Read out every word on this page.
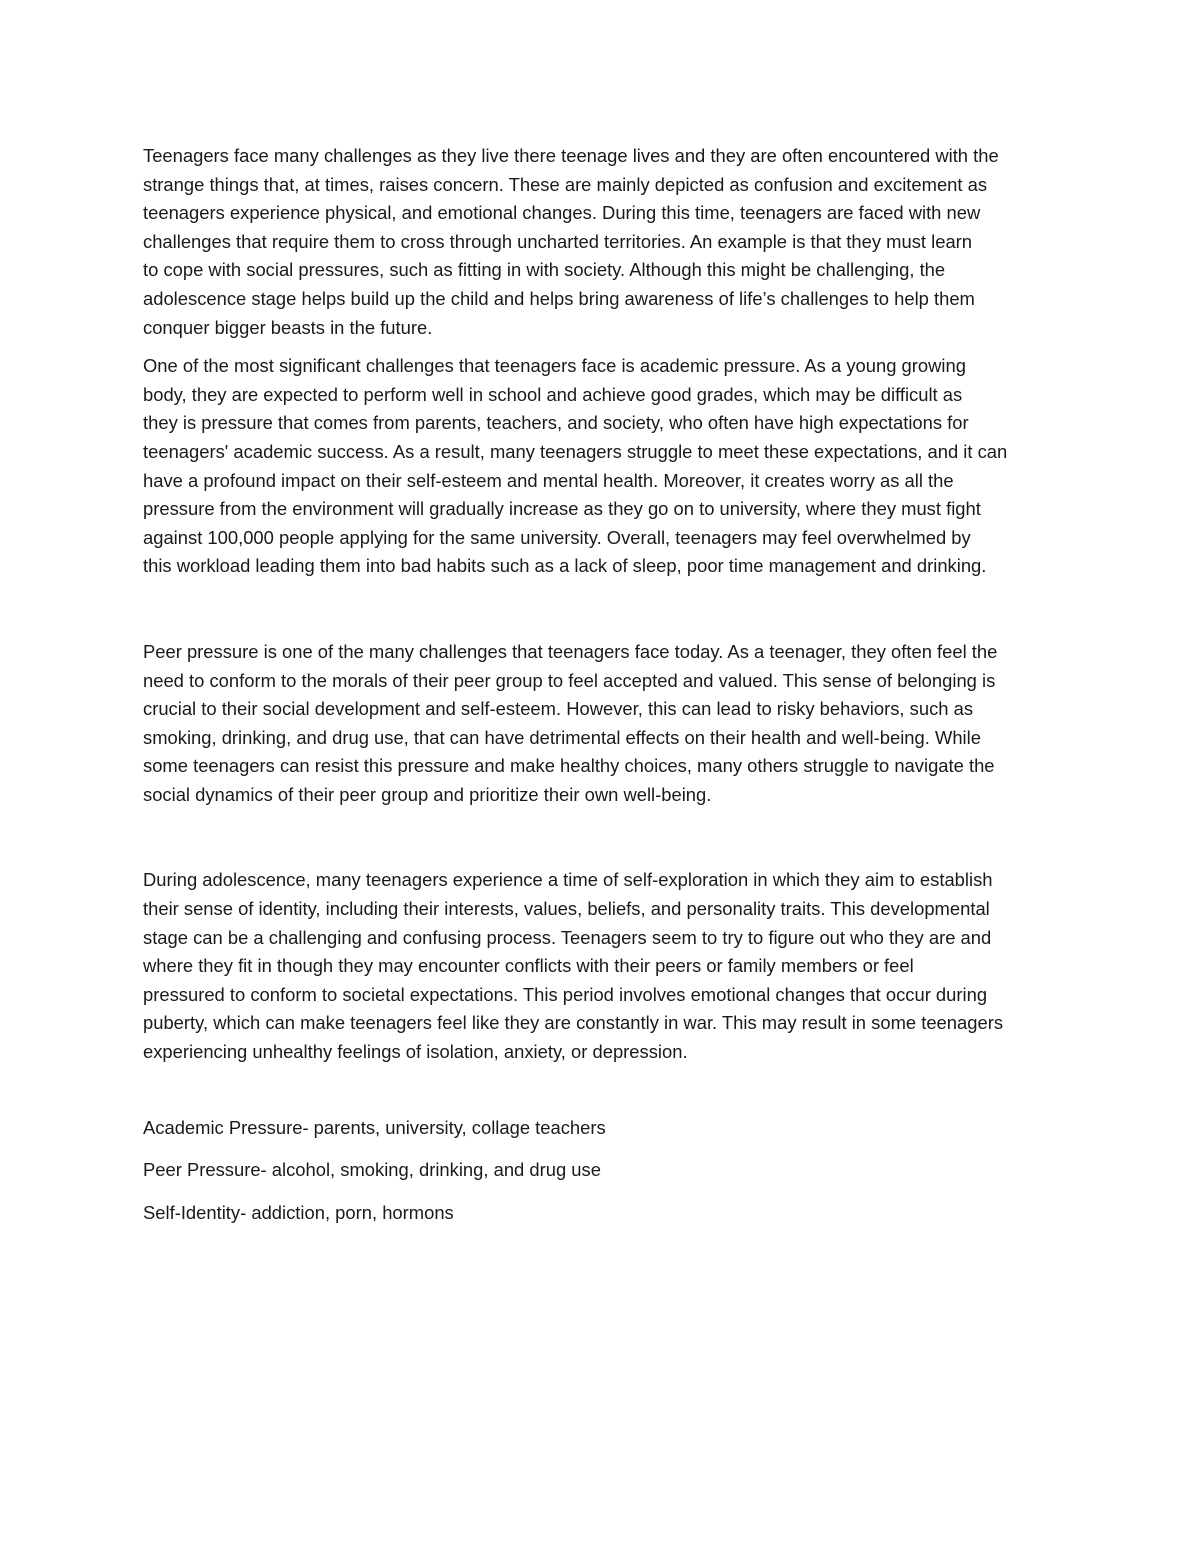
Teenagers face many challenges as they live there teenage lives and they are often encountered with the
strange things that, at times, raises concern. These are mainly depicted as confusion and excitement as
teenagers experience physical, and emotional changes. During this time, teenagers are faced with new
challenges that require them to cross through uncharted territories. An example is that they must learn
to cope with social pressures, such as fitting in with society. Although this might be challenging, the
adolescence stage helps build up the child and helps bring awareness of life’s challenges to help them
conquer bigger beasts in the future.
One of the most significant challenges that teenagers face is academic pressure. As a young growing
body, they are expected to perform well in school and achieve good grades, which may be difficult as
they is pressure that comes from parents, teachers, and society, who often have high expectations for
teenagers' academic success. As a result, many teenagers struggle to meet these expectations, and it can
have a profound impact on their self-esteem and mental health. Moreover, it creates worry as all the
pressure from the environment will gradually increase as they go on to university, where they must fight
against 100,000 people applying for the same university. Overall, teenagers may feel overwhelmed by
this workload leading them into bad habits such as a lack of sleep, poor time management and drinking.
Peer pressure is one of the many challenges that teenagers face today. As a teenager, they often feel the
need to conform to the morals of their peer group to feel accepted and valued. This sense of belonging is
crucial to their social development and self-esteem. However, this can lead to risky behaviors, such as
smoking, drinking, and drug use, that can have detrimental effects on their health and well-being. While
some teenagers can resist this pressure and make healthy choices, many others struggle to navigate the
social dynamics of their peer group and prioritize their own well-being.
During adolescence, many teenagers experience a time of self-exploration in which they aim to establish
their sense of identity, including their interests, values, beliefs, and personality traits. This developmental
stage can be a challenging and confusing process. Teenagers seem to try to figure out who they are and
where they fit in though they may encounter conflicts with their peers or family members or feel
pressured to conform to societal expectations. This period involves emotional changes that occur during
puberty, which can make teenagers feel like they are constantly in war. This may result in some teenagers
experiencing unhealthy feelings of isolation, anxiety, or depression.

Academic Pressure- parents, university, collage teachers

Peer Pressure- alcohol, smoking, drinking, and drug use

Self-Identity- addiction, porn, hormons
